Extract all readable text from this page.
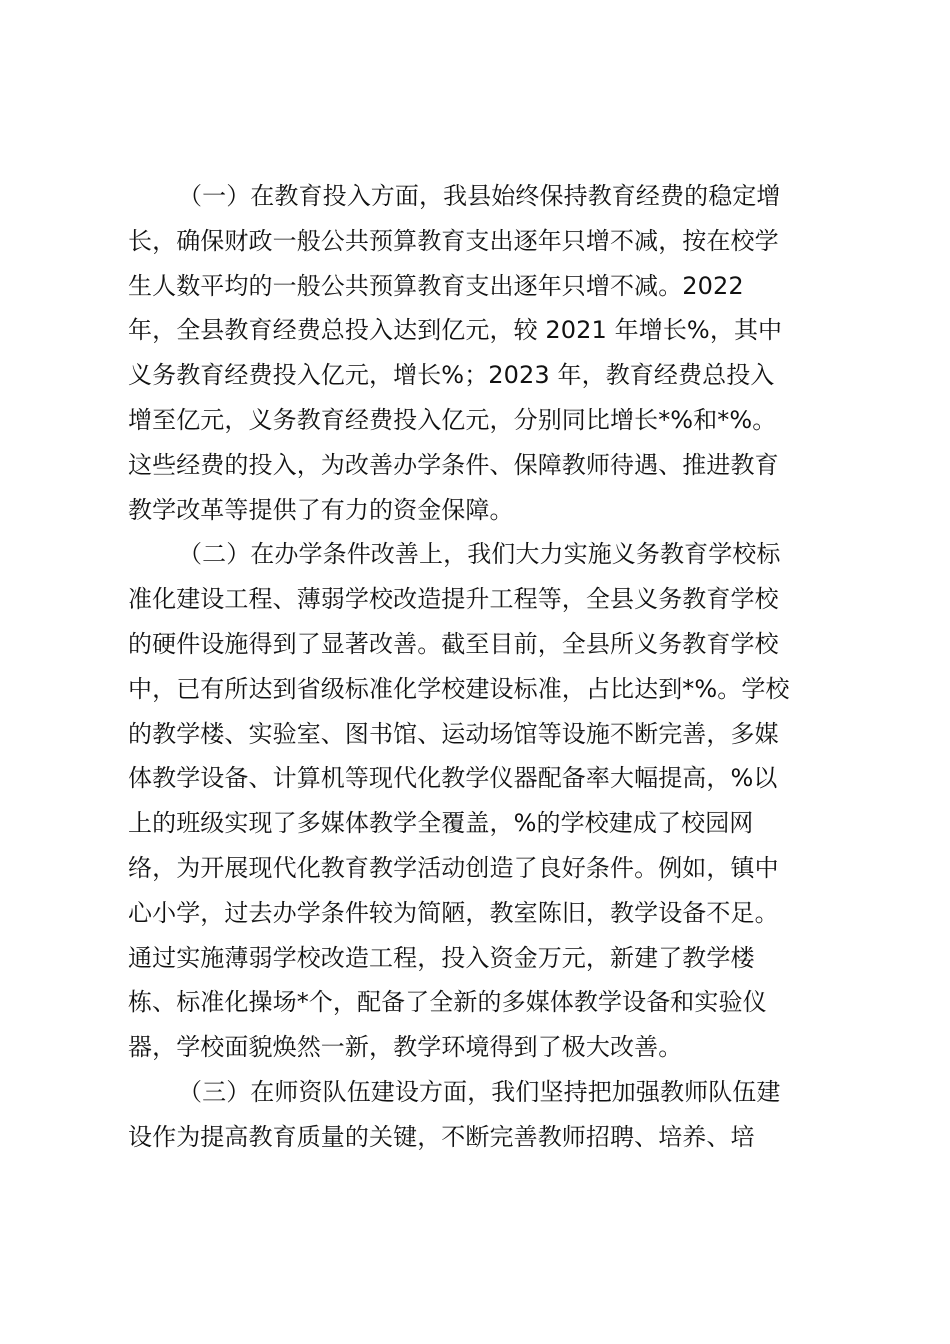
（一）在教育投入方面，我县始终保持教育经费的稳定增
长，确保财政一般公共预算教育支出逐年只增不减，按在校学
生人数平均的一般公共预算教育支出逐年只增不减。2022
年，全县教育经费总投入达到亿元，较 2021 年增长%，其中
义务教育经费投入亿元，增长%；2023 年，教育经费总投入
增至亿元，义务教育经费投入亿元，分别同比增长*%和*%。
这些经费的投入，为改善办学条件、保障教师待遇、推进教育
教学改革等提供了有力的资金保障。
（二）在办学条件改善上，我们大力实施义务教育学校标
准化建设工程、薄弱学校改造提升工程等，全县义务教育学校
的硬件设施得到了显著改善。截至目前，全县所义务教育学校
中，已有所达到省级标准化学校建设标准，占比达到*%。学校
的教学楼、实验室、图书馆、运动场馆等设施不断完善，多媒
体教学设备、计算机等现代化教学仪器配备率大幅提高，%以
上的班级实现了多媒体教学全覆盖，%的学校建成了校园网
络，为开展现代化教育教学活动创造了良好条件。例如，镇中
心小学，过去办学条件较为简陋，教室陈旧，教学设备不足。
通过实施薄弱学校改造工程，投入资金万元，新建了教学楼
栋、标准化操场*个，配备了全新的多媒体教学设备和实验仪
器，学校面貌焕然一新，教学环境得到了极大改善。
（三）在师资队伍建设方面，我们坚持把加强教师队伍建
设作为提高教育质量的关键，不断完善教师招聘、培养、培
